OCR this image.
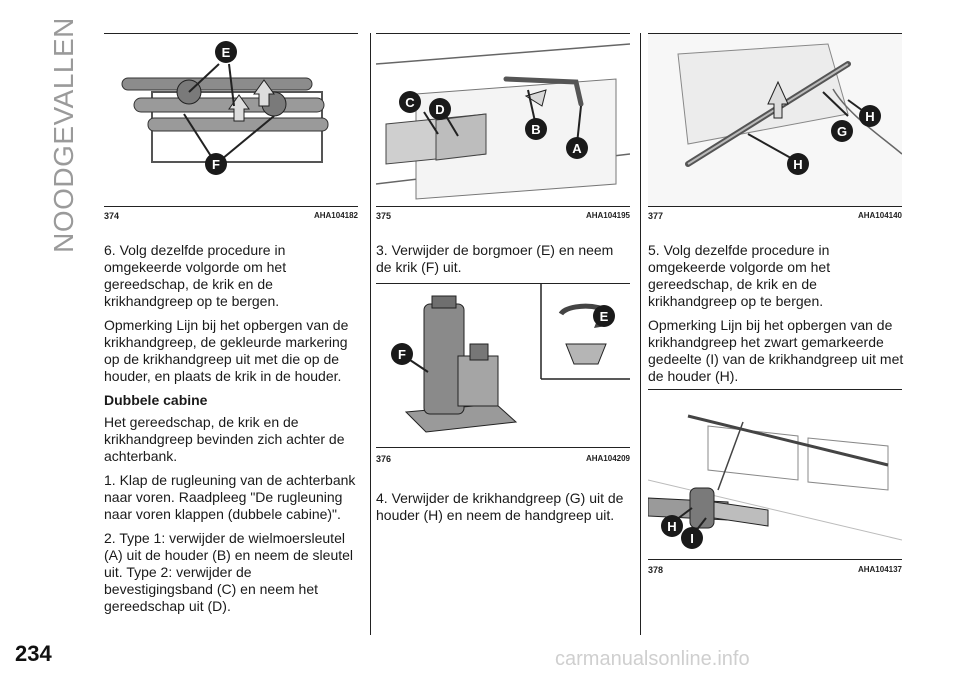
NOODGEVALLEN	E
F
374	AHA104182
C D
B
A
375	AHA104195
H
G
H
377	AHA104140
F
E
376	AHA104209
H
I
378	AHA104137

6. Volg dezelfde procedure in omgekeerde volgorde om het gereedschap, de krik en de krikhandgreep op te bergen.

Opmerking Lijn bij het opbergen van de krikhandgreep, de gekleurde markering op de krikhandgreep uit met die op de houder, en plaats de krik in de houder.

Dubbele cabine

Het gereedschap, de krik en de krikhandgreep bevinden zich achter de achterbank.

1. Klap de rugleuning van de achterbank naar voren. Raadpleeg "De rugleuning naar voren klappen (dubbele cabine)".

2. Type 1: verwijder de wielmoersleutel (A) uit de houder (B) en neem de sleutel uit. Type 2: verwijder de bevestigingsband (C) en neem het gereedschap uit (D).

3. Verwijder de borgmoer (E) en neem de krik (F) uit.

4. Verwijder de krikhandgreep (G) uit de houder (H) en neem de handgreep uit.

5. Volg dezelfde procedure in omgekeerde volgorde om het gereedschap, de krik en de krikhandgreep op te bergen.

Opmerking Lijn bij het opbergen van de krikhandgreep het zwart gemarkeerde gedeelte (I) van de krikhandgreep uit met de houder (H).

234	carmanualsonline.info
